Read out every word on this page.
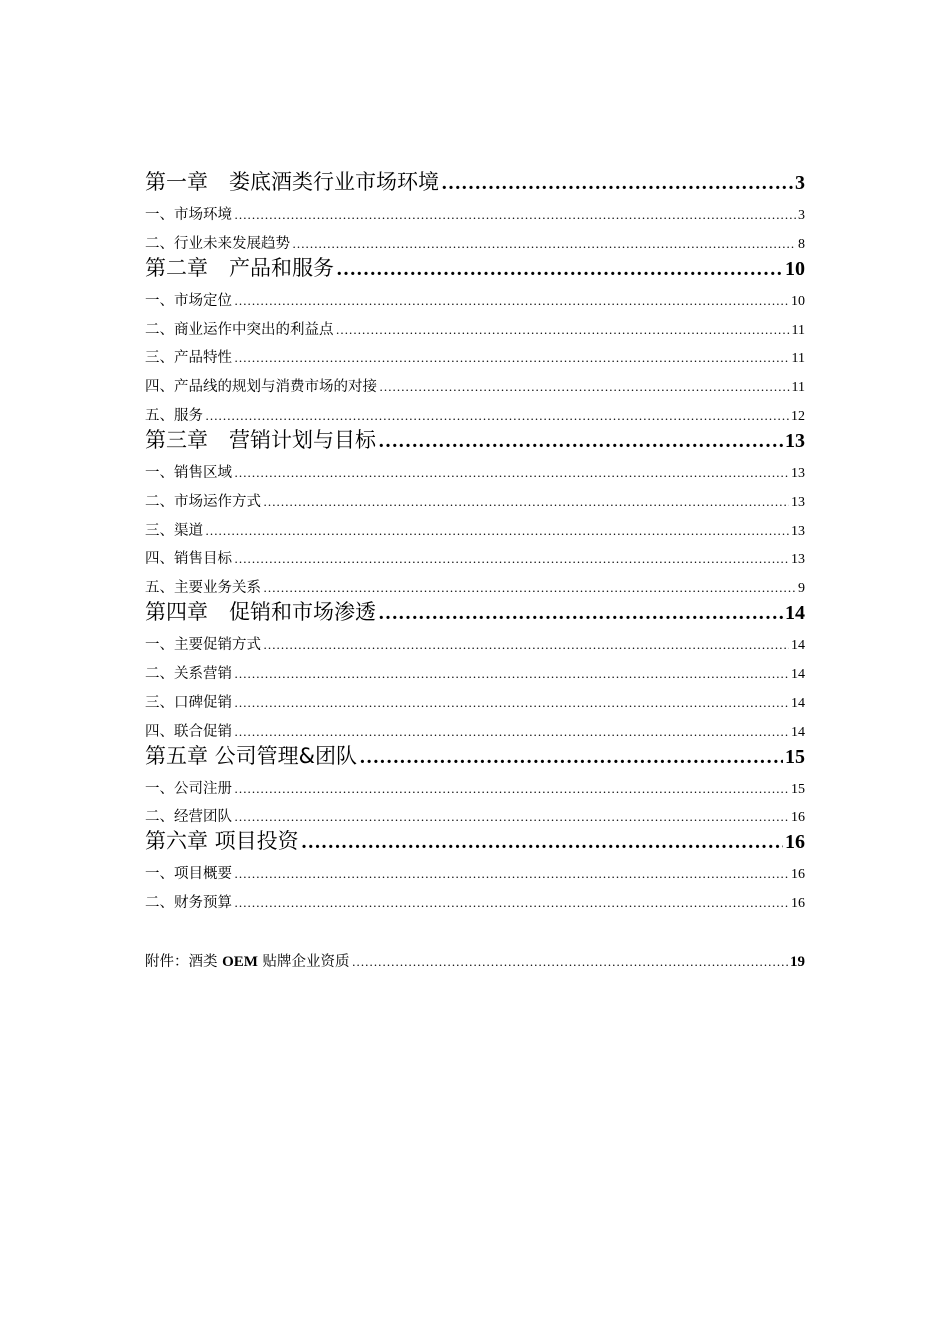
第一章　娄底酒类行业市场环境 ……………………………………………………………………………………………………………………………………………………………………………………………………	3
一、市场环境 ……………………………………………………………………………………………………………………………………………………………………………………………………	3
二、行业未来发展趋势 ……………………………………………………………………………………………………………………………………………………………………………………………………	8
第二章　产品和服务 ……………………………………………………………………………………………………………………………………………………………………………………………………	10
一、市场定位 ……………………………………………………………………………………………………………………………………………………………………………………………………	10
二、商业运作中突出的利益点 ……………………………………………………………………………………………………………………………………………………………………………………………………	11
三、产品特性 ……………………………………………………………………………………………………………………………………………………………………………………………………	11
四、产品线的规划与消费市场的对接 ……………………………………………………………………………………………………………………………………………………………………………………………………	11
五、服务 ……………………………………………………………………………………………………………………………………………………………………………………………………	12
第三章　营销计划与目标 ……………………………………………………………………………………………………………………………………………………………………………………………………	13
一、销售区域 ……………………………………………………………………………………………………………………………………………………………………………………………………	13
二、市场运作方式 ……………………………………………………………………………………………………………………………………………………………………………………………………	13
三、渠道 ……………………………………………………………………………………………………………………………………………………………………………………………………	13
四、销售目标 ……………………………………………………………………………………………………………………………………………………………………………………………………	13
五、主要业务关系 ……………………………………………………………………………………………………………………………………………………………………………………………………	9
第四章　促销和市场渗透 ……………………………………………………………………………………………………………………………………………………………………………………………………	14
一、主要促销方式 ……………………………………………………………………………………………………………………………………………………………………………………………………	14
二、关系营销 ……………………………………………………………………………………………………………………………………………………………………………………………………	14
三、口碑促销 ……………………………………………………………………………………………………………………………………………………………………………………………………	14
四、联合促销 ……………………………………………………………………………………………………………………………………………………………………………………………………	14
第五章 公司管理&团队 ……………………………………………………………………………………………………………………………………………………………………………………………………	15
一、公司注册 ……………………………………………………………………………………………………………………………………………………………………………………………………	15
二、经营团队 ……………………………………………………………………………………………………………………………………………………………………………………………………	16
第六章 项目投资 ……………………………………………………………………………………………………………………………………………………………………………………………………	16
一、项目概要 ……………………………………………………………………………………………………………………………………………………………………………………………………	16
二、财务预算 ……………………………………………………………………………………………………………………………………………………………………………………………………	16
附件：酒类 OEM 贴牌企业资质 ……………………………………………………………………………………………………………………………………………………………………………………………………	19
